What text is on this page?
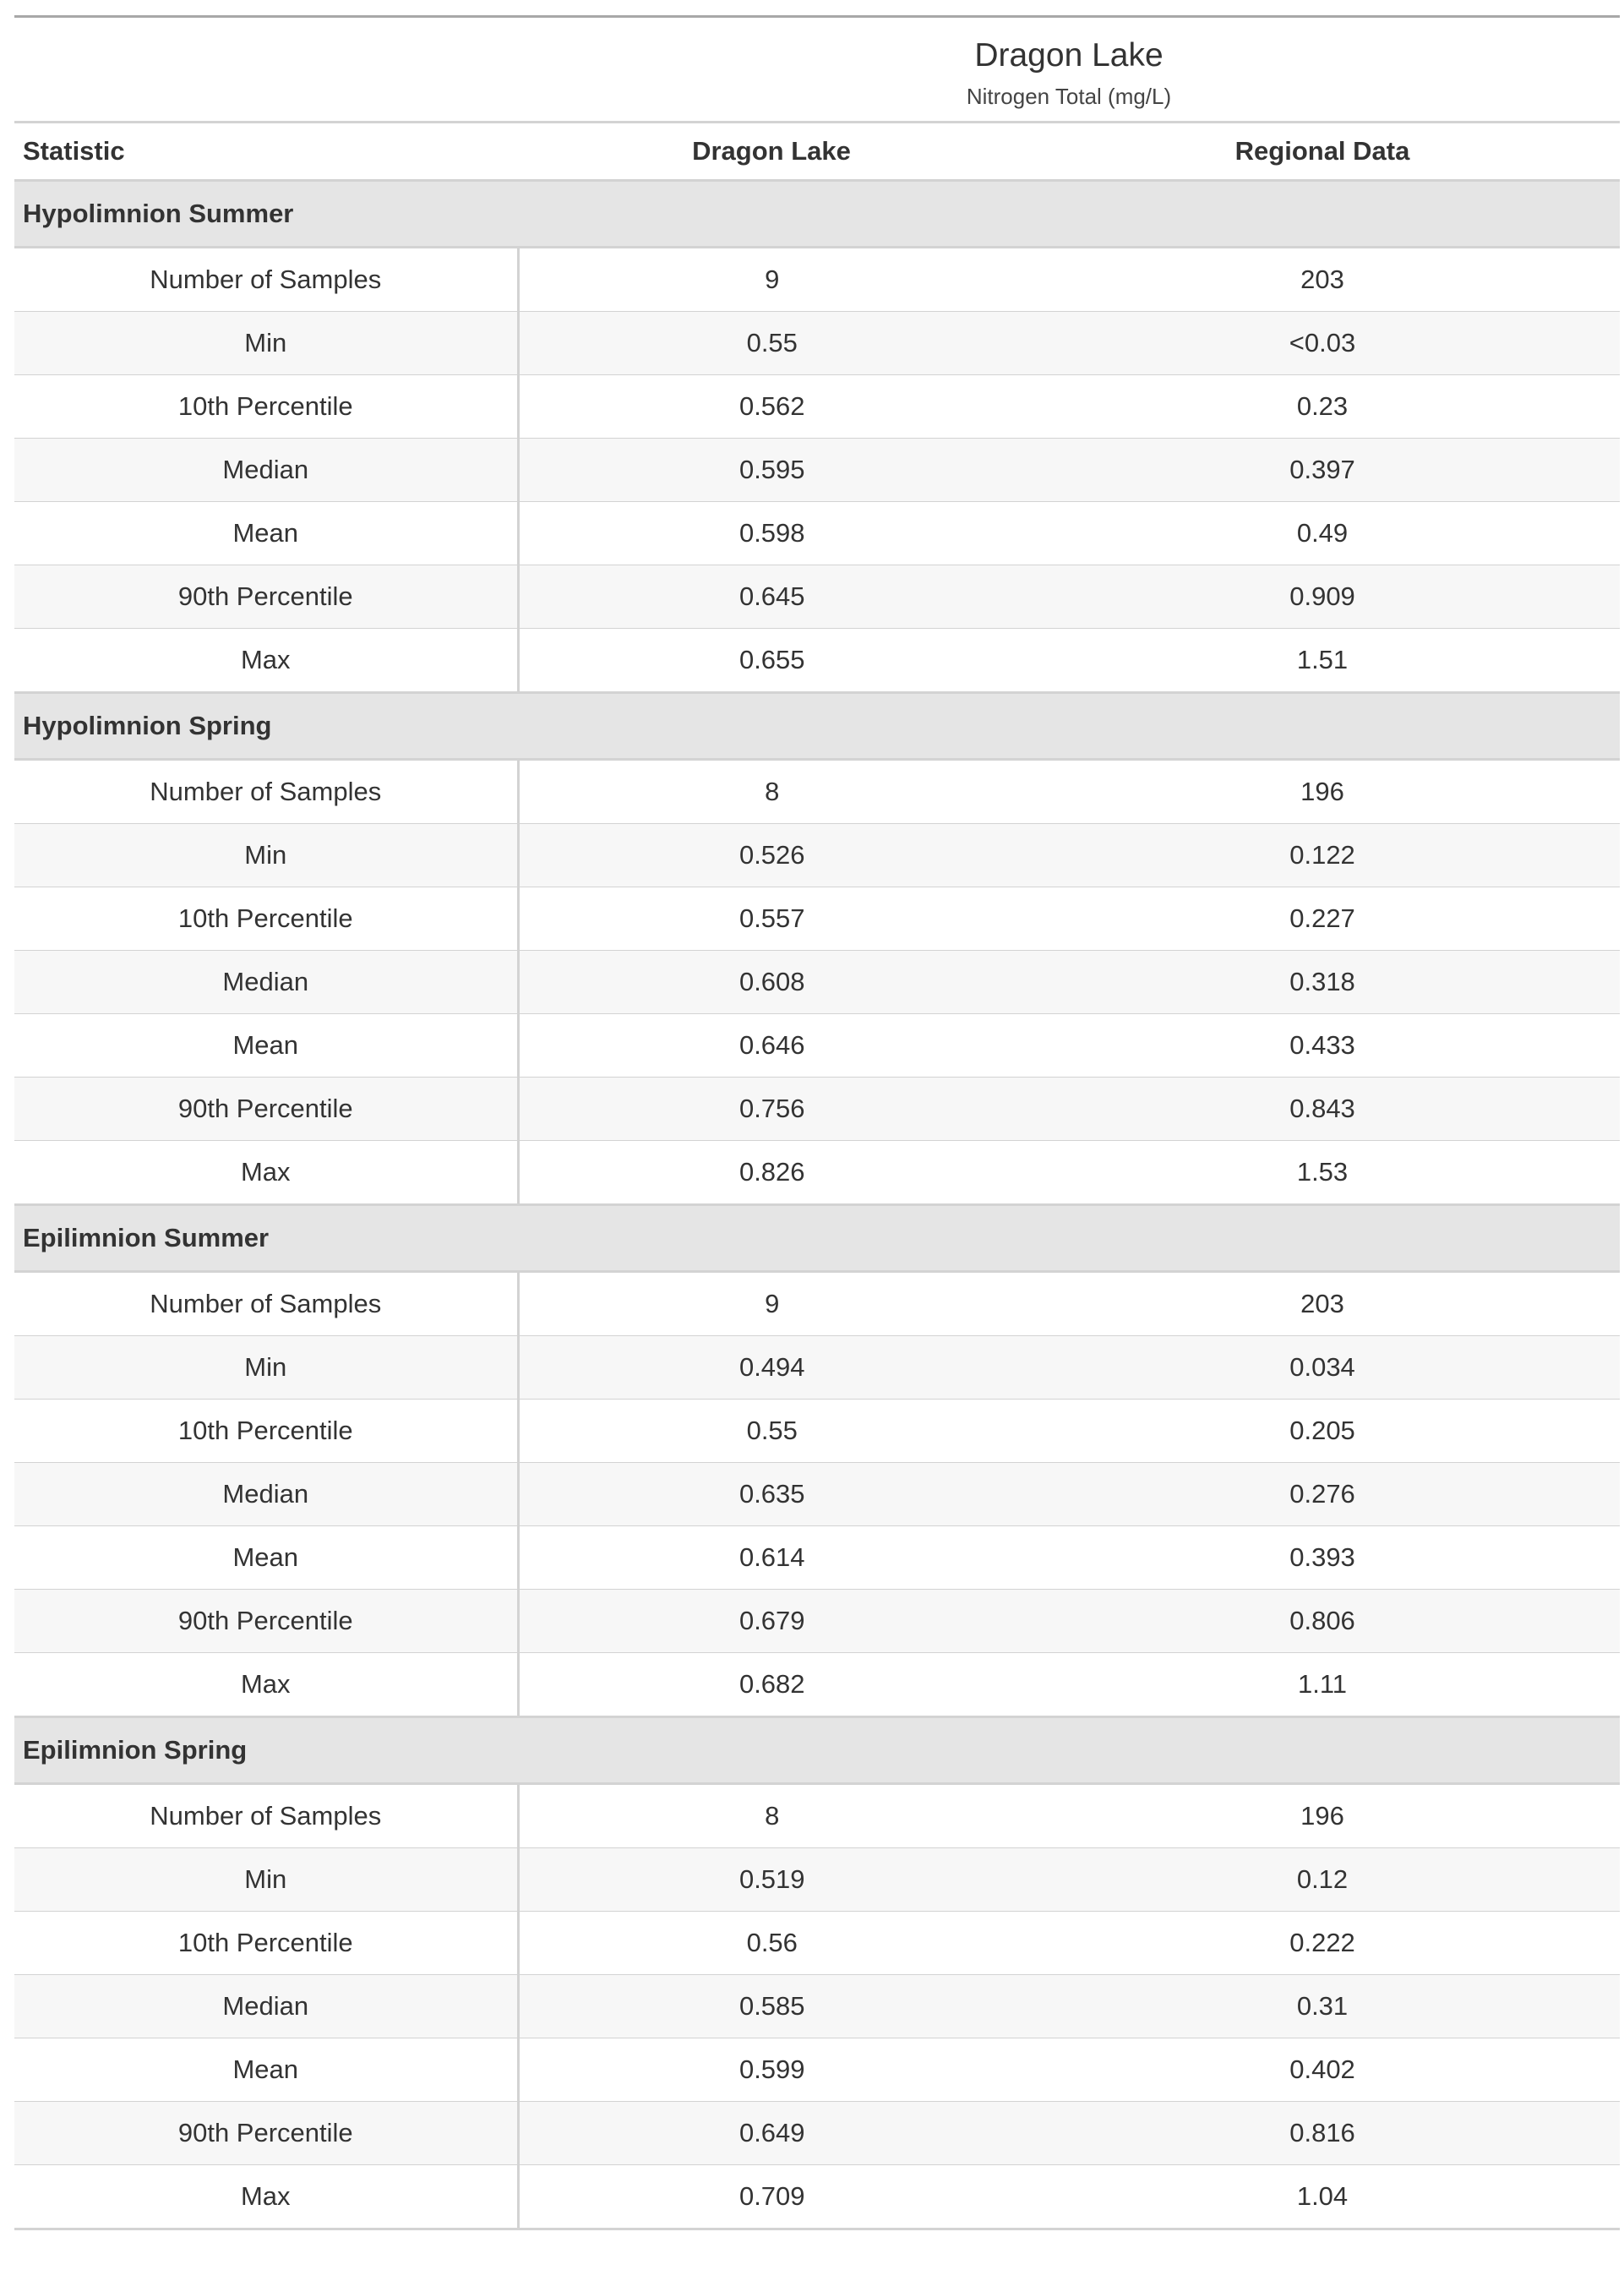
	Dragon Lake
Nitrogen Total (mg/L)	

Statistic	Dragon Lake	Regional Data
Hypolimnion Summer		
Number of Samples	9	203
Min	0.55	<0.03
10th Percentile	0.562	0.23
Median	0.595	0.397
Mean	0.598	0.49
90th Percentile	0.645	0.909
Max	0.655	1.51
Hypolimnion Spring		
Number of Samples	8	196
Min	0.526	0.122
10th Percentile	0.557	0.227
Median	0.608	0.318
Mean	0.646	0.433
90th Percentile	0.756	0.843
Max	0.826	1.53
Epilimnion Summer		
Number of Samples	9	203
Min	0.494	0.034
10th Percentile	0.55	0.205
Median	0.635	0.276
Mean	0.614	0.393
90th Percentile	0.679	0.806
Max	0.682	1.11
Epilimnion Spring		
Number of Samples	8	196
Min	0.519	0.12
10th Percentile	0.56	0.222
Median	0.585	0.31
Mean	0.599	0.402
90th Percentile	0.649	0.816
Max	0.709	1.04
